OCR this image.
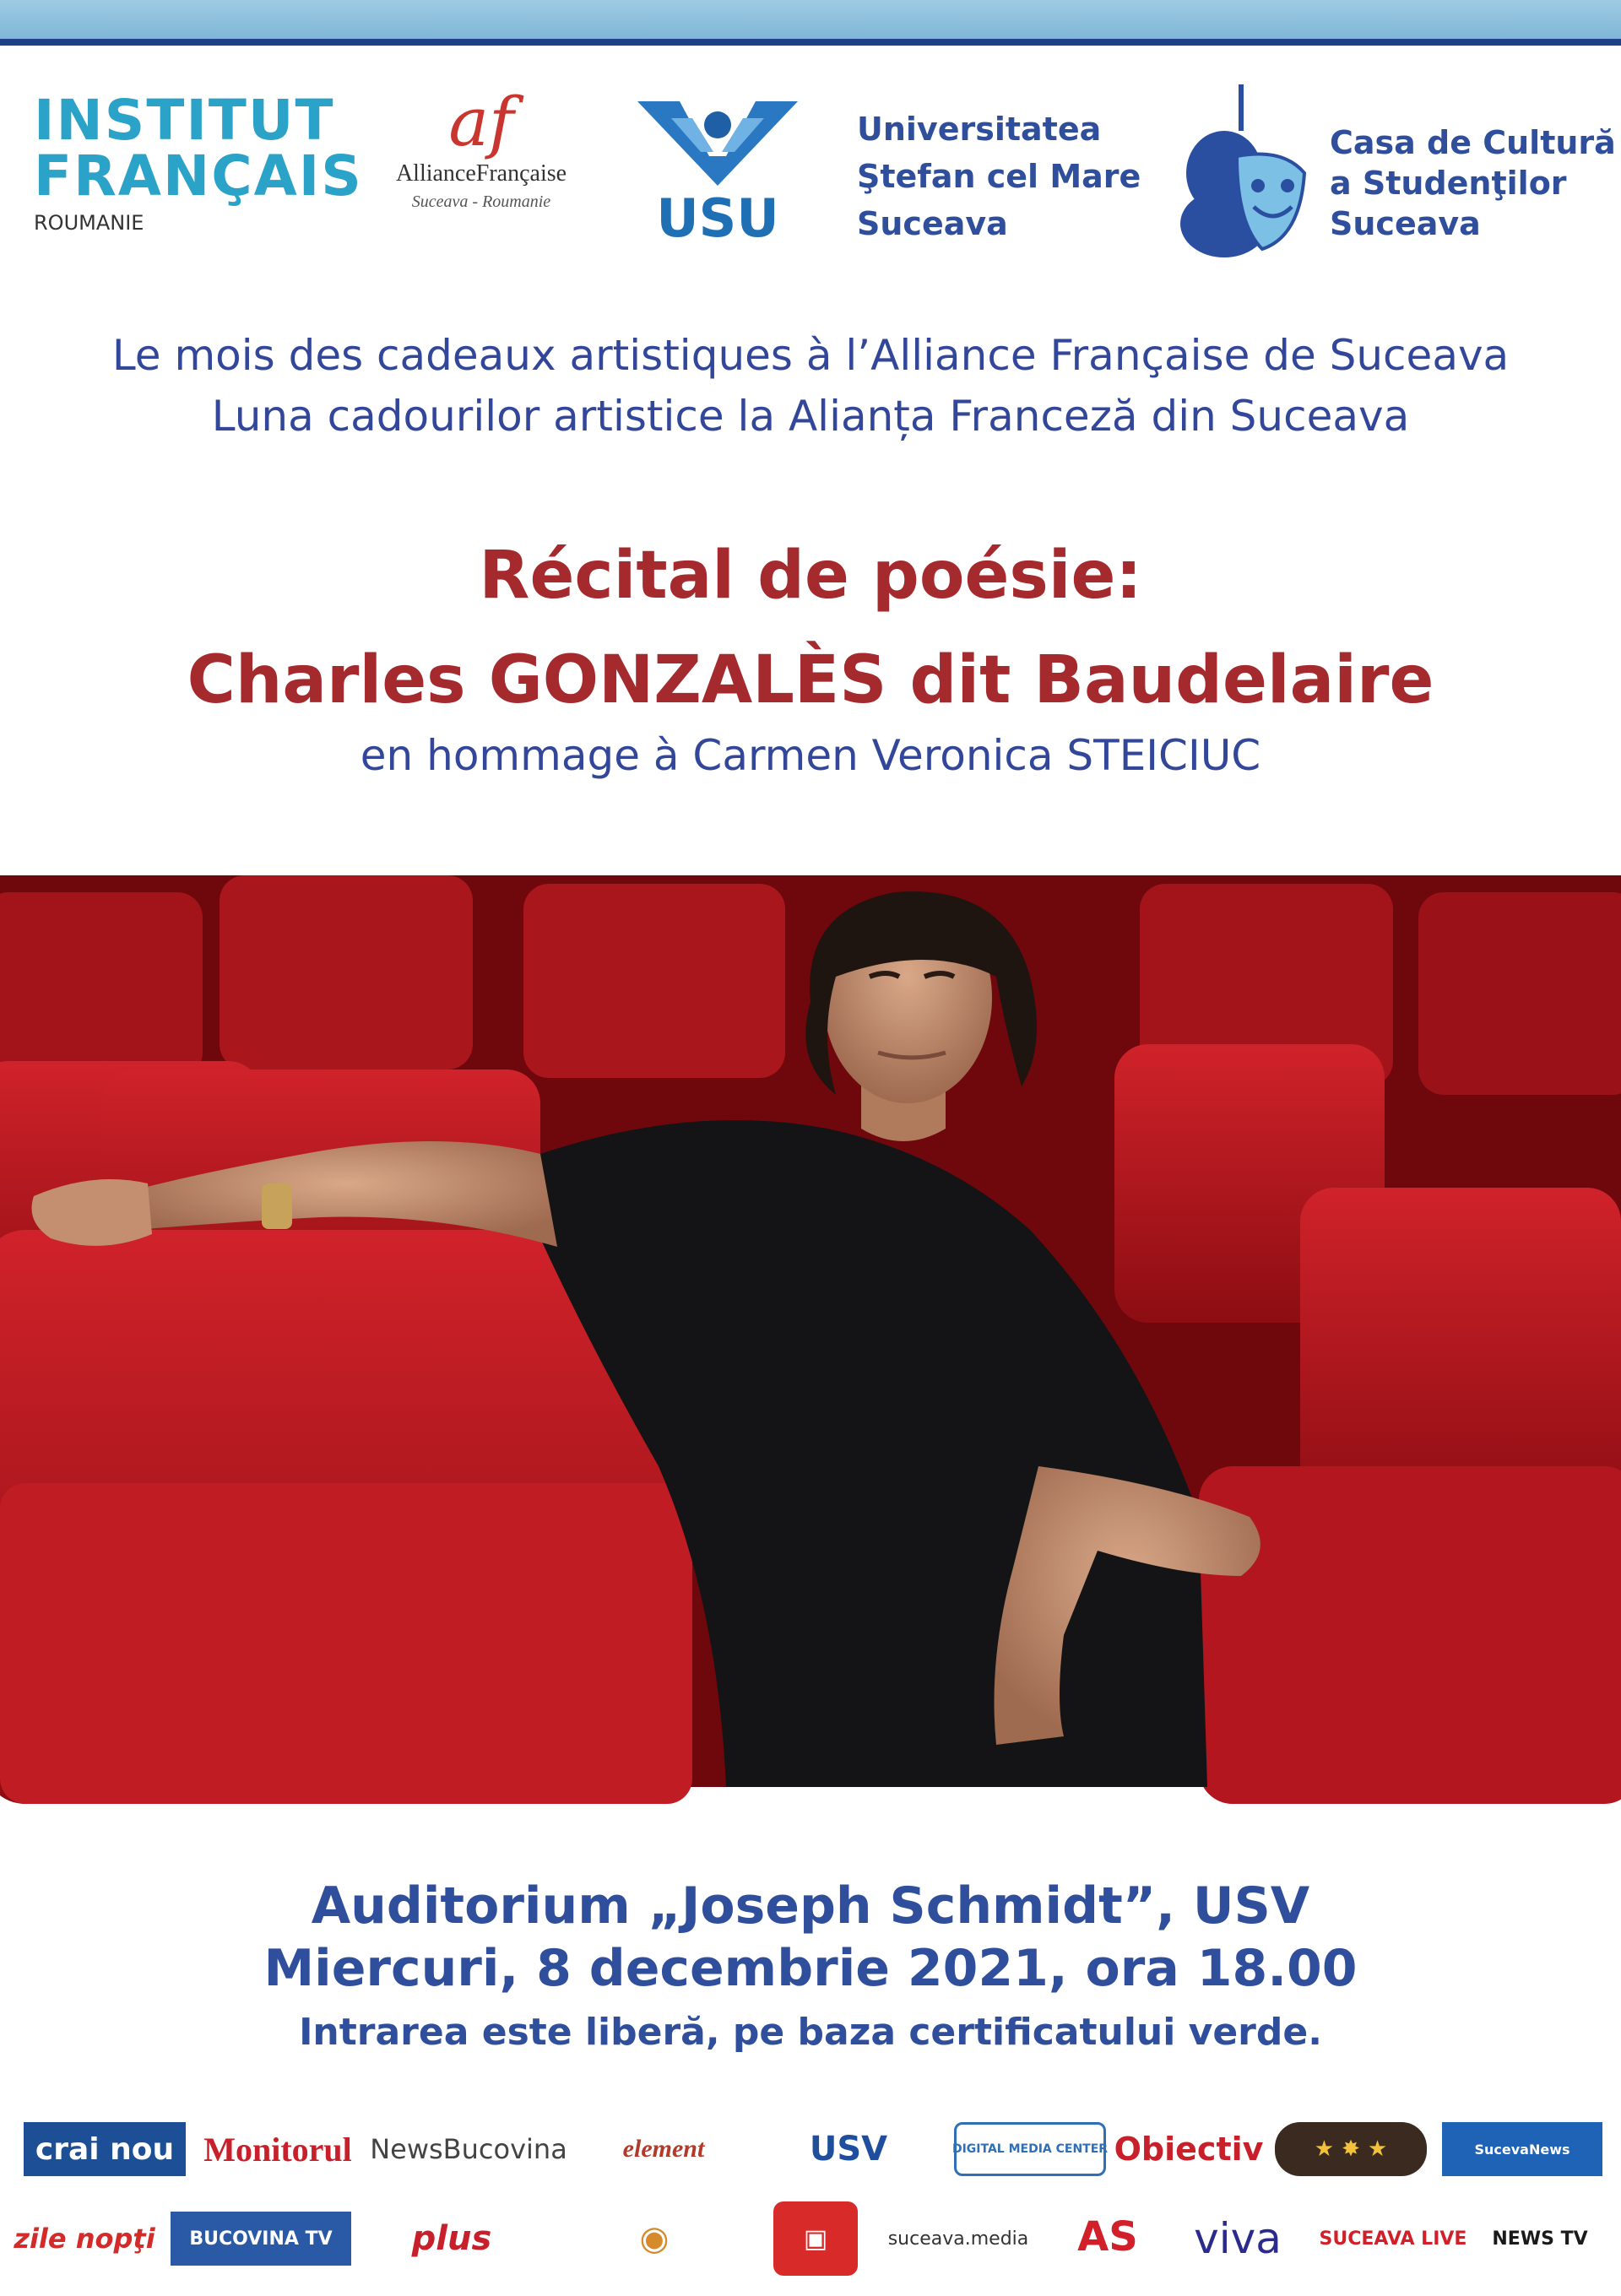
INSTITUT
FRANÇAIS
ROUMANIE
af
AllianceFrançaise
Suceava - Roumanie	USU
Universitatea
Ştefan cel Mare
Suceava
Casa de Cultură
a Studenţilor
Suceava
Le mois des cadeaux artistiques à l’Alliance Française de Suceava
Luna cadourilor artistice la Alianța Franceză din Suceava
Récital de poésie:
Charles GONZALÈS dit Baudelaire
en hommage à Carmen Veronica STEICIUC
Auditorium „Joseph Schmidt”, USV
Miercuri, 8 decembrie 2021, ora 18.00
Intrarea este liberă, pe baza certificatului verde.
crai nou Monitorul NewsBucovina	element	USV	DIGITAL MEDIA CENTER Obiectiv ★ ✸ ★	SucevaNews
zile nopţi	BUCOVINA TV	plus	◉	▣	suceava.media	AS	viva	SUCEAVA LIVE	NEWS TV
